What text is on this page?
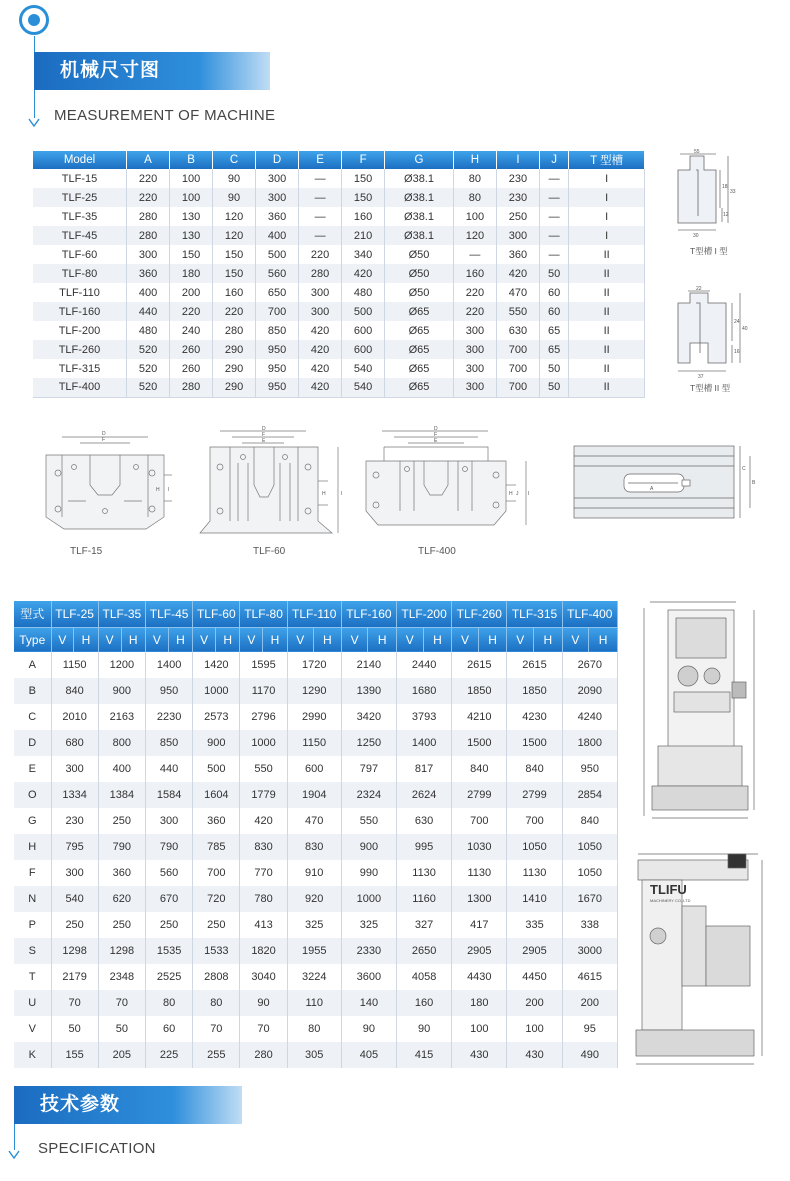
机械尺寸图
MEASUREMENT OF MACHINE
Model	A	B	C	D	E	F	G	H	I	J	T 型槽
TLF-15	220	100	90	300	—	150	Ø38.1	80	230	—	I
TLF-25	220	100	90	300	—	150	Ø38.1	80	230	—	I
TLF-35	280	130	120	360	—	160	Ø38.1	100	250	—	I
TLF-45	280	130	120	400	—	210	Ø38.1	120	300	—	I
TLF-60	300	150	150	500	220	340	Ø50	—	360	—	II
TLF-80	360	180	150	560	280	420	Ø50	160	420	50	II
TLF-110	400	200	160	650	300	480	Ø50	220	470	60	II
TLF-160	440	220	220	700	300	500	Ø65	220	550	60	II
TLF-200	480	240	280	850	420	600	Ø65	300	630	65	II
TLF-260	520	260	290	950	420	600	Ø65	300	700	65	II
TLF-315	520	260	290	950	420	540	Ø65	300	700	50	II
TLF-400	520	280	290	950	420	540	Ø65	300	700	50	II
55
18
33
12
30
T型槽 I 型
22
24
40
16
37
T型槽 II 型
D
F
H I
TLF-15
D
F
E
H	I
TLF-60
D
F
E
H J I
TLF-400
A
B
C
型式	TLF-25		TLF-35		TLF-45		TLF-60		TLF-80		TLF-110		TLF-160		TLF-200		TLF-260		TLF-315		TLF-400	
Type	V	H	V	H	V	H	V	H	V	H	V	H	V	H	V	H	V	H	V	H	V	H
A	1150		1200		1400		1420		1595		1720		2140		2440		2615		2615		2670	
B	840		900		950		1000		1170		1290		1390		1680		1850		1850		2090	
C	2010		2163		2230		2573		2796		2990		3420		3793		4210		4230		4240	
D	680		800		850		900		1000		1150		1250		1400		1500		1500		1800	
E	300		400		440		500		550		600		797		817		840		840		950	
O	1334		1384		1584		1604		1779		1904		2324		2624		2799		2799		2854	
G	230		250		300		360		420		470		550		630		700		700		840	
H	795		790		790		785		830		830		900		995		1030		1050		1050	
F	300		360		560		700		770		910		990		1130		1130		1130		1050	
N	540		620		670		720		780		920		1000		1160		1300		1410		1670	
P	250		250		250		250		413		325		325		327		417		335		338	
S	1298		1298		1535		1533		1820		1955		2330		2650		2905		2905		3000	
T	2179		2348		2525		2808		3040		3224		3600		4058		4430		4450		4615	
U	70		70		80		80		90		110		140		160		180		200		200	
V	50		50		60		70		70		80		90		90		100		100		95	
K	155		205		225		255		280		305		405		415		430		430		490	
TLIFU
MACHINERY CO.,LTD
技术参数
SPECIFICATION
